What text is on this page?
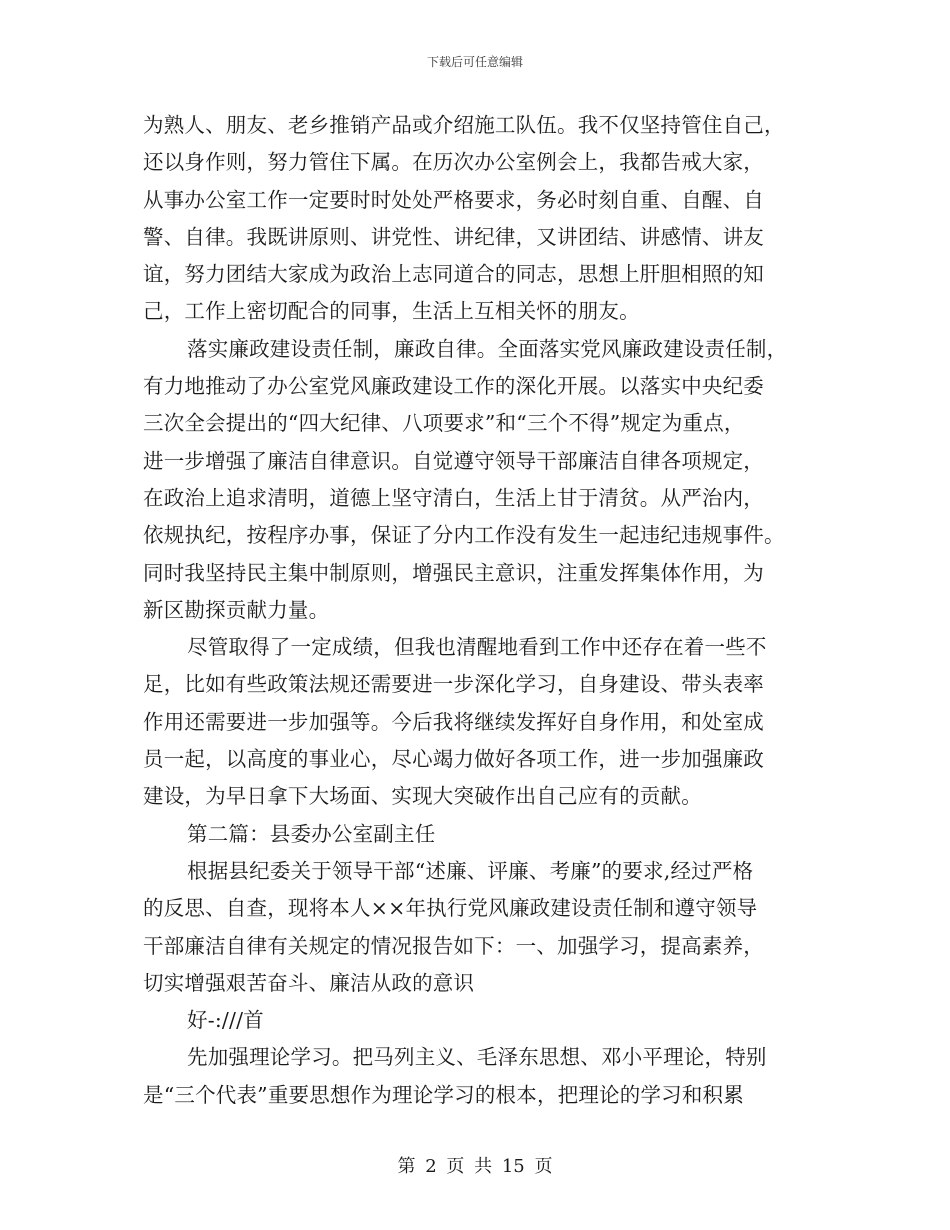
下载后可任意编辑
为熟人、朋友、老乡推销产品或介绍施工队伍。我不仅坚持管住自己，
还以身作则，努力管住下属。在历次办公室例会上，我都告戒大家，
从事办公室工作一定要时时处处严格要求，务必时刻自重、自醒、自
警、自律。我既讲原则、讲党性、讲纪律，又讲团结、讲感情、讲友
谊，努力团结大家成为政治上志同道合的同志，思想上肝胆相照的知
己，工作上密切配合的同事，生活上互相关怀的朋友。
落实廉政建设责任制，廉政自律。全面落实党风廉政建设责任制，
有力地推动了办公室党风廉政建设工作的深化开展。以落实中央纪委
三次全会提出的“四大纪律、八项要求”和“三个不得”规定为重点，
进一步增强了廉洁自律意识。自觉遵守领导干部廉洁自律各项规定，
在政治上追求清明，道德上坚守清白，生活上甘于清贫。从严治内，
依规执纪，按程序办事，保证了分内工作没有发生一起违纪违规事件。
同时我坚持民主集中制原则，增强民主意识，注重发挥集体作用，为
新区勘探贡献力量。
尽管取得了一定成绩，但我也清醒地看到工作中还存在着一些不
足，比如有些政策法规还需要进一步深化学习，自身建设、带头表率
作用还需要进一步加强等。今后我将继续发挥好自身作用，和处室成
员一起，以高度的事业心，尽心竭力做好各项工作，进一步加强廉政
建设，为早日拿下大场面、实现大突破作出自己应有的贡献。
第二篇：县委办公室副主任
根据县纪委关于领导干部“述廉、评廉、考廉”的要求,经过严格
的反思、自查，现将本人××年执行党风廉政建设责任制和遵守领导
干部廉洁自律有关规定的情况报告如下：一、加强学习，提高素养，
切实增强艰苦奋斗、廉洁从政的意识
好-:///首
先加强理论学习。把马列主义、毛泽东思想、邓小平理论，特别
是“三个代表”重要思想作为理论学习的根本，把理论的学习和积累
第 2 页 共 15 页
